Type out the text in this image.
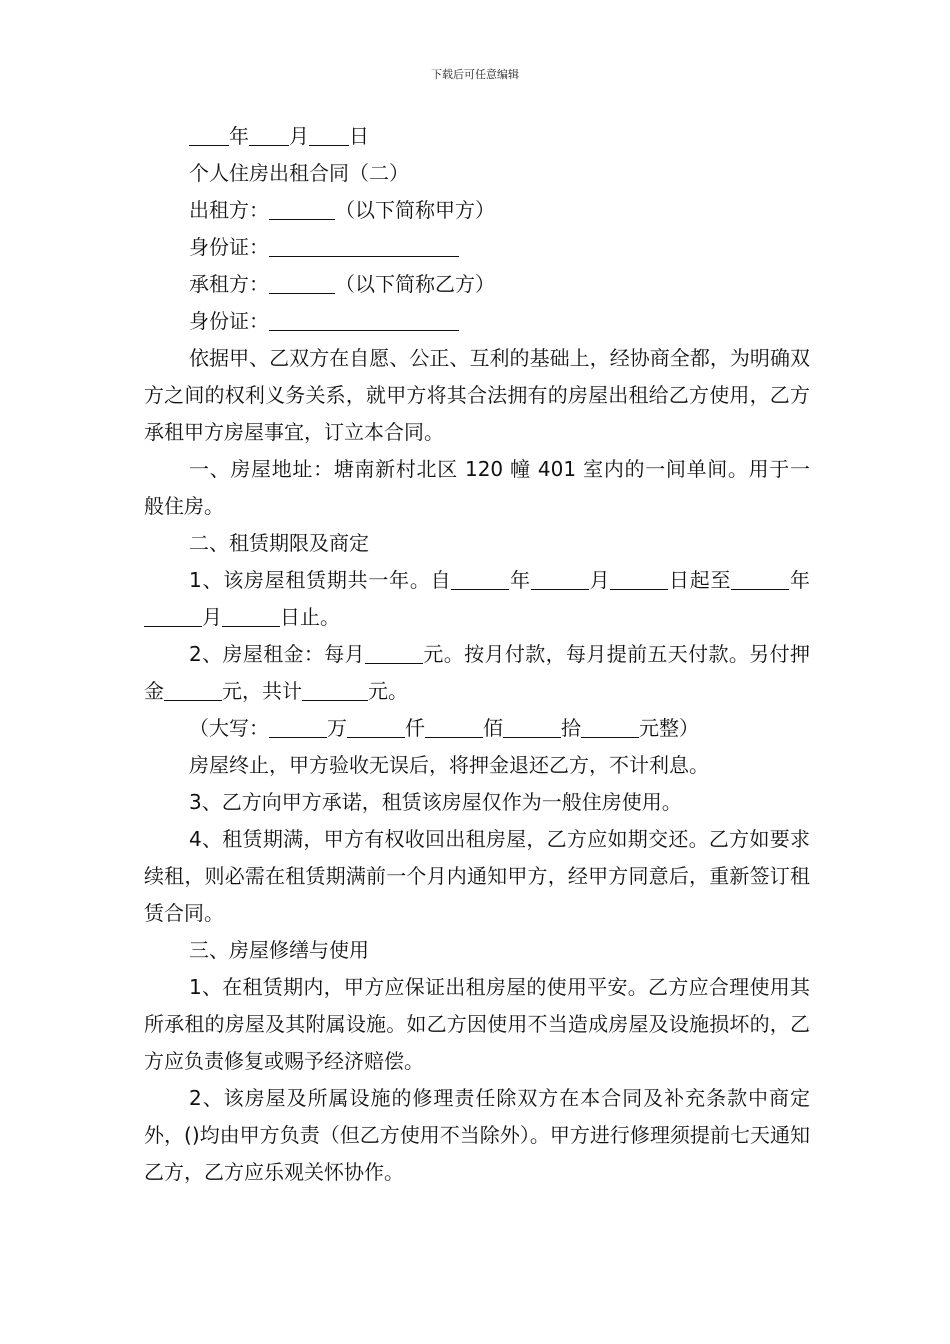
下载后可任意编辑

年 月 日

个人住房出租合同（二）

出租方：	（以下简称甲方）

身份证：

承租方：	（以下简称乙方）

身份证：

依据甲、乙双方在自愿、公正、互利的基础上，经协商全都，为明确双方之间的权利义务关系，就甲方将其合法拥有的房屋出租给乙方使用，乙方承租甲方房屋事宜，订立本合同。

一、房屋地址：塘南新村北区 120 幢 401 室内的一间单间。用于一般住房。

二、租赁期限及商定

1、该房屋租赁期共一年。自	年	月	日起至	年月	日止。

2、房屋租金：每月	元。按月付款，每月提前五天付款。另付押金	元，共计	元。

（大写：	万	仟	佰	拾	元整）

房屋终止，甲方验收无误后，将押金退还乙方，不计利息。

3、乙方向甲方承诺，租赁该房屋仅作为一般住房使用。

4、租赁期满，甲方有权收回出租房屋，乙方应如期交还。乙方如要求续租，则必需在租赁期满前一个月内通知甲方，经甲方同意后，重新签订租赁合同。

三、房屋修缮与使用

1、在租赁期内，甲方应保证出租房屋的使用平安。乙方应合理使用其所承租的房屋及其附属设施。如乙方因使用不当造成房屋及设施损坏的，乙方应负责修复或赐予经济赔偿。

2、该房屋及所属设施的修理责任除双方在本合同及补充条款中商定外，()均由甲方负责（但乙方使用不当除外）。甲方进行修理须提前七天通知乙方，乙方应乐观关怀协作。
